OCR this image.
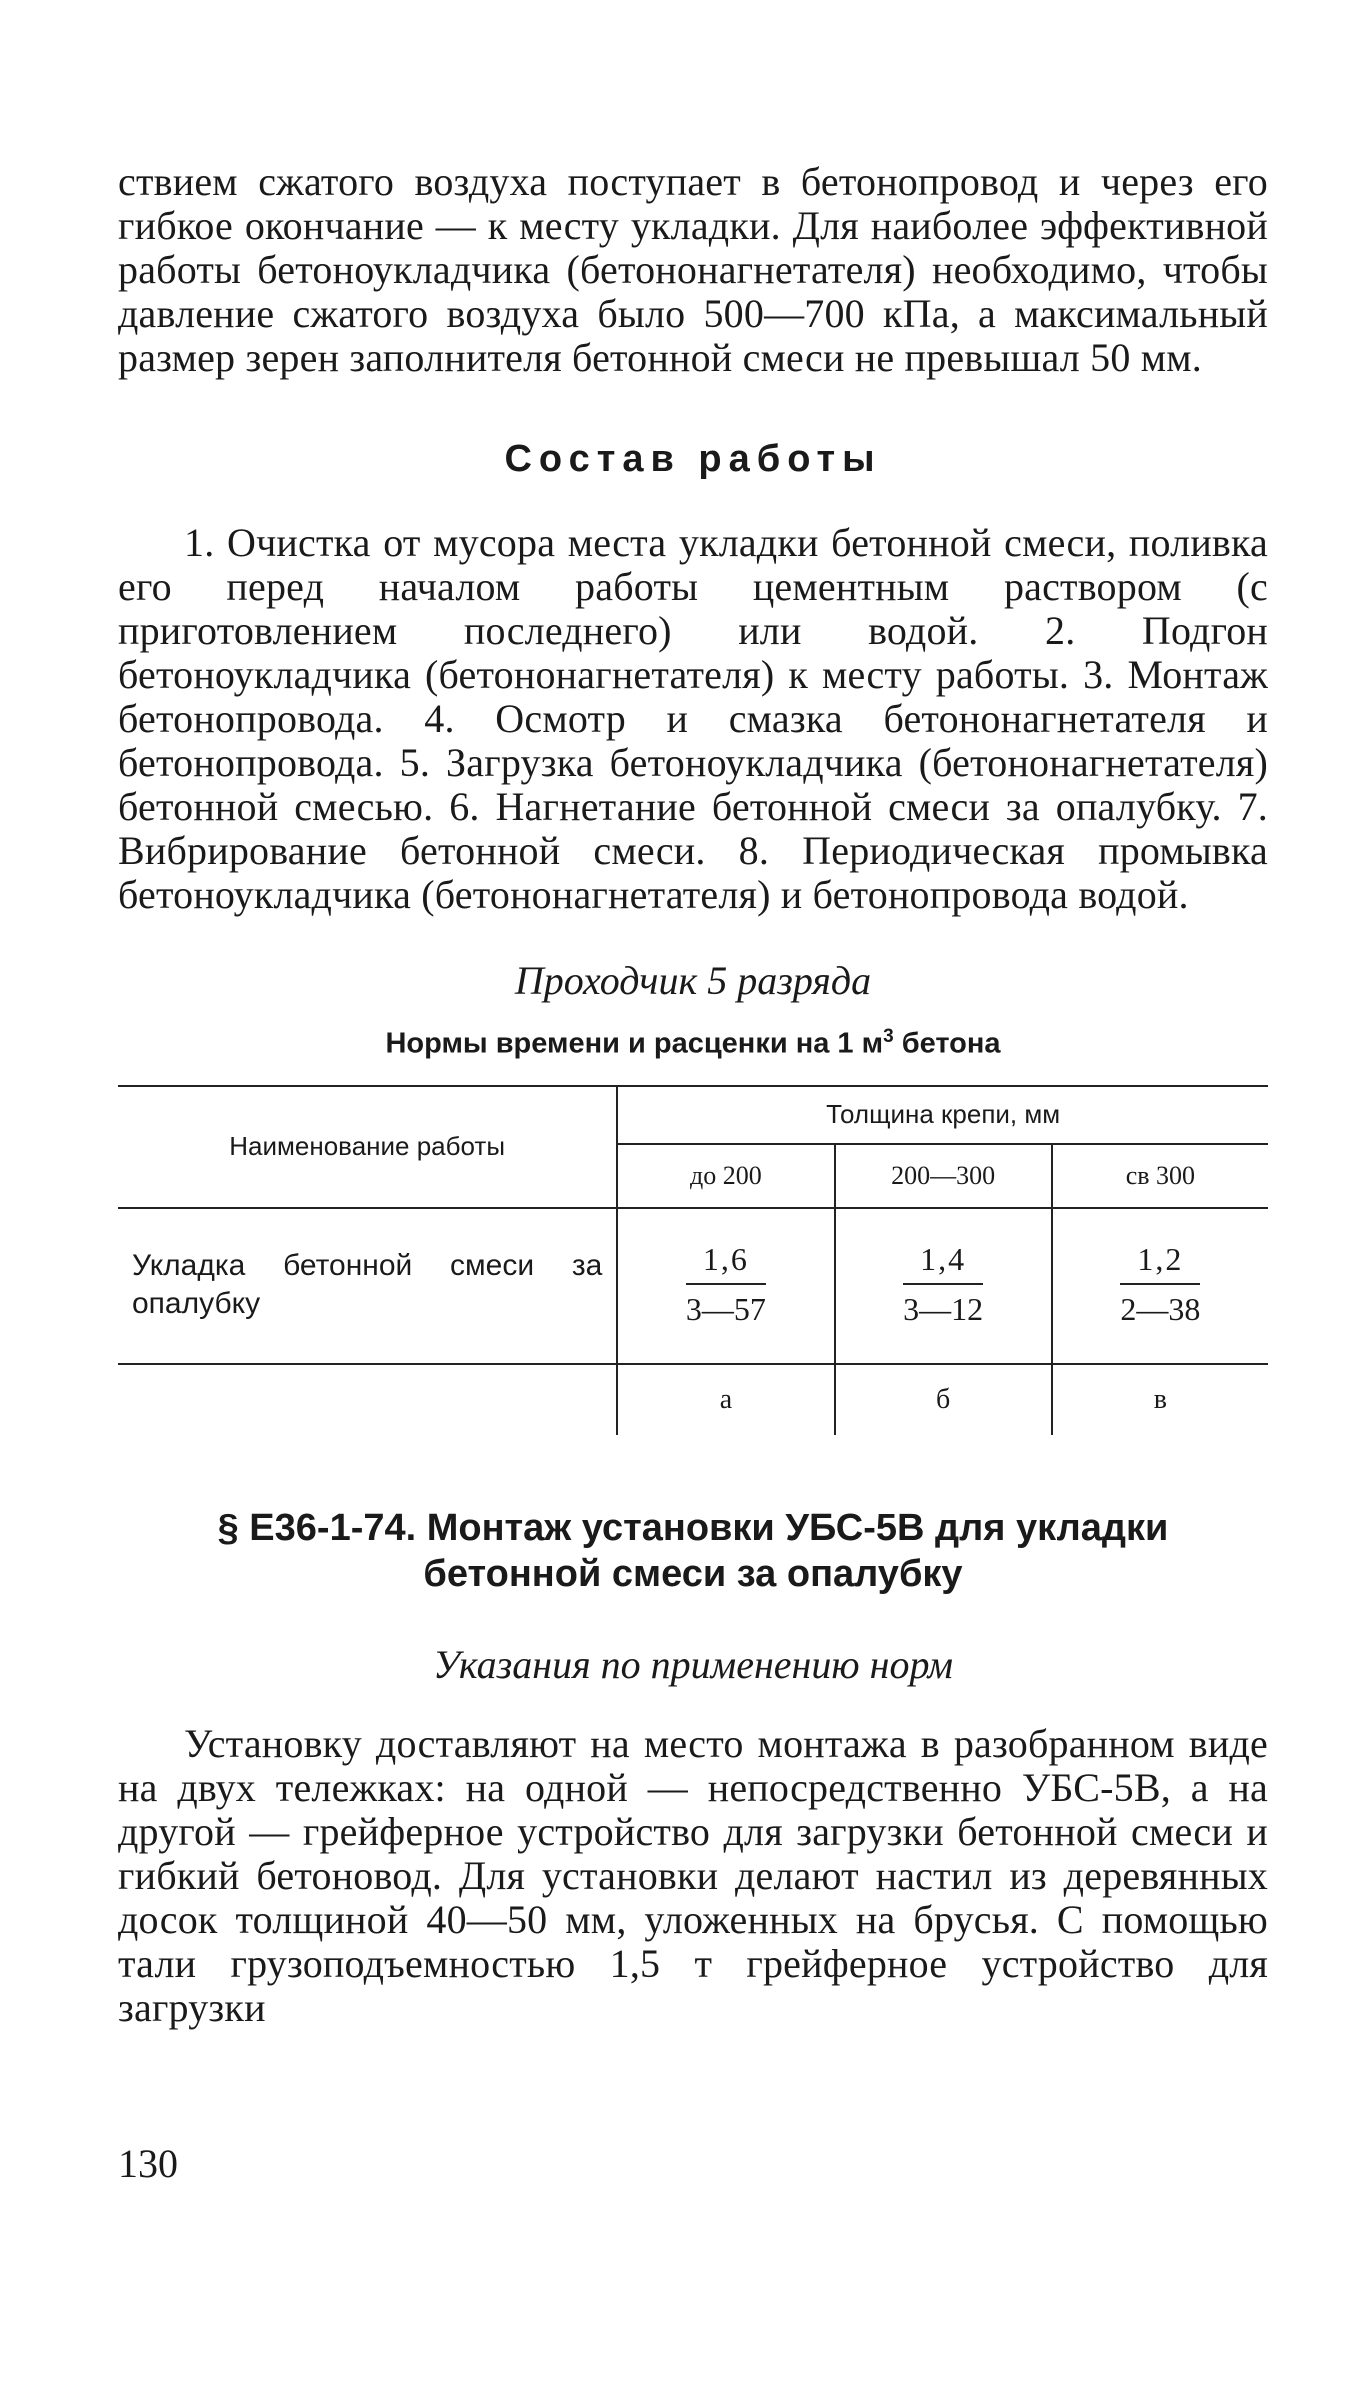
ствием сжатого воздуха поступает в бетонопровод и через его гибкое окончание — к месту укладки. Для наиболее эффективной работы бетоноукладчика (бетононагнетателя) необходимо, чтобы давление сжатого воздуха было 500—700 кПа, а максимальный размер зерен заполнителя бетонной смеси не превышал 50 мм.

Состав работы

1. Очистка от мусора места укладки бетонной смеси, поливка его перед началом работы цементным раствором (с приготовлением последнего) или водой. 2. Подгон бетоноукладчика (бетононагнетателя) к месту работы. 3. Монтаж бетонопровода. 4. Осмотр и смазка бетононагнетателя и бетонопровода. 5. Загрузка бетоноукладчика (бетононагнетателя) бетонной смесью. 6. Нагнетание бетонной смеси за опалубку. 7. Вибрирование бетонной смеси. 8. Периодическая промывка бетоноукладчика (бетононагнетателя) и бетонопровода водой.

Проходчик 5 разряда
Нормы времени и расценки на 1 $м^3$ бетона
Наименование работы	Толщина крепи, мм		
	до 200	200—300	св 300
Укладка бетонной смеси за опалубку	$\frac{1,6}{3—57}$	$\frac{1,4}{3—12}$	$\frac{1,2}{2—38}$

	а	б	в
§ Е36-1-74. Монтаж установки УБС-5В для укладки
бетонной смеси за опалубку
Указания по применению норм

Установку доставляют на место монтажа в разобранном виде на двух тележках: на одной — непосредственно УБС-5В, а на другой — грейферное устройство для загрузки бетонной смеси и гибкий бетоновод. Для установки делают настил из деревянных досок толщиной 40—50 мм, уложенных на брусья. С помощью тали грузоподъемностью 1,5 т грейферное устройство для загрузки

130
